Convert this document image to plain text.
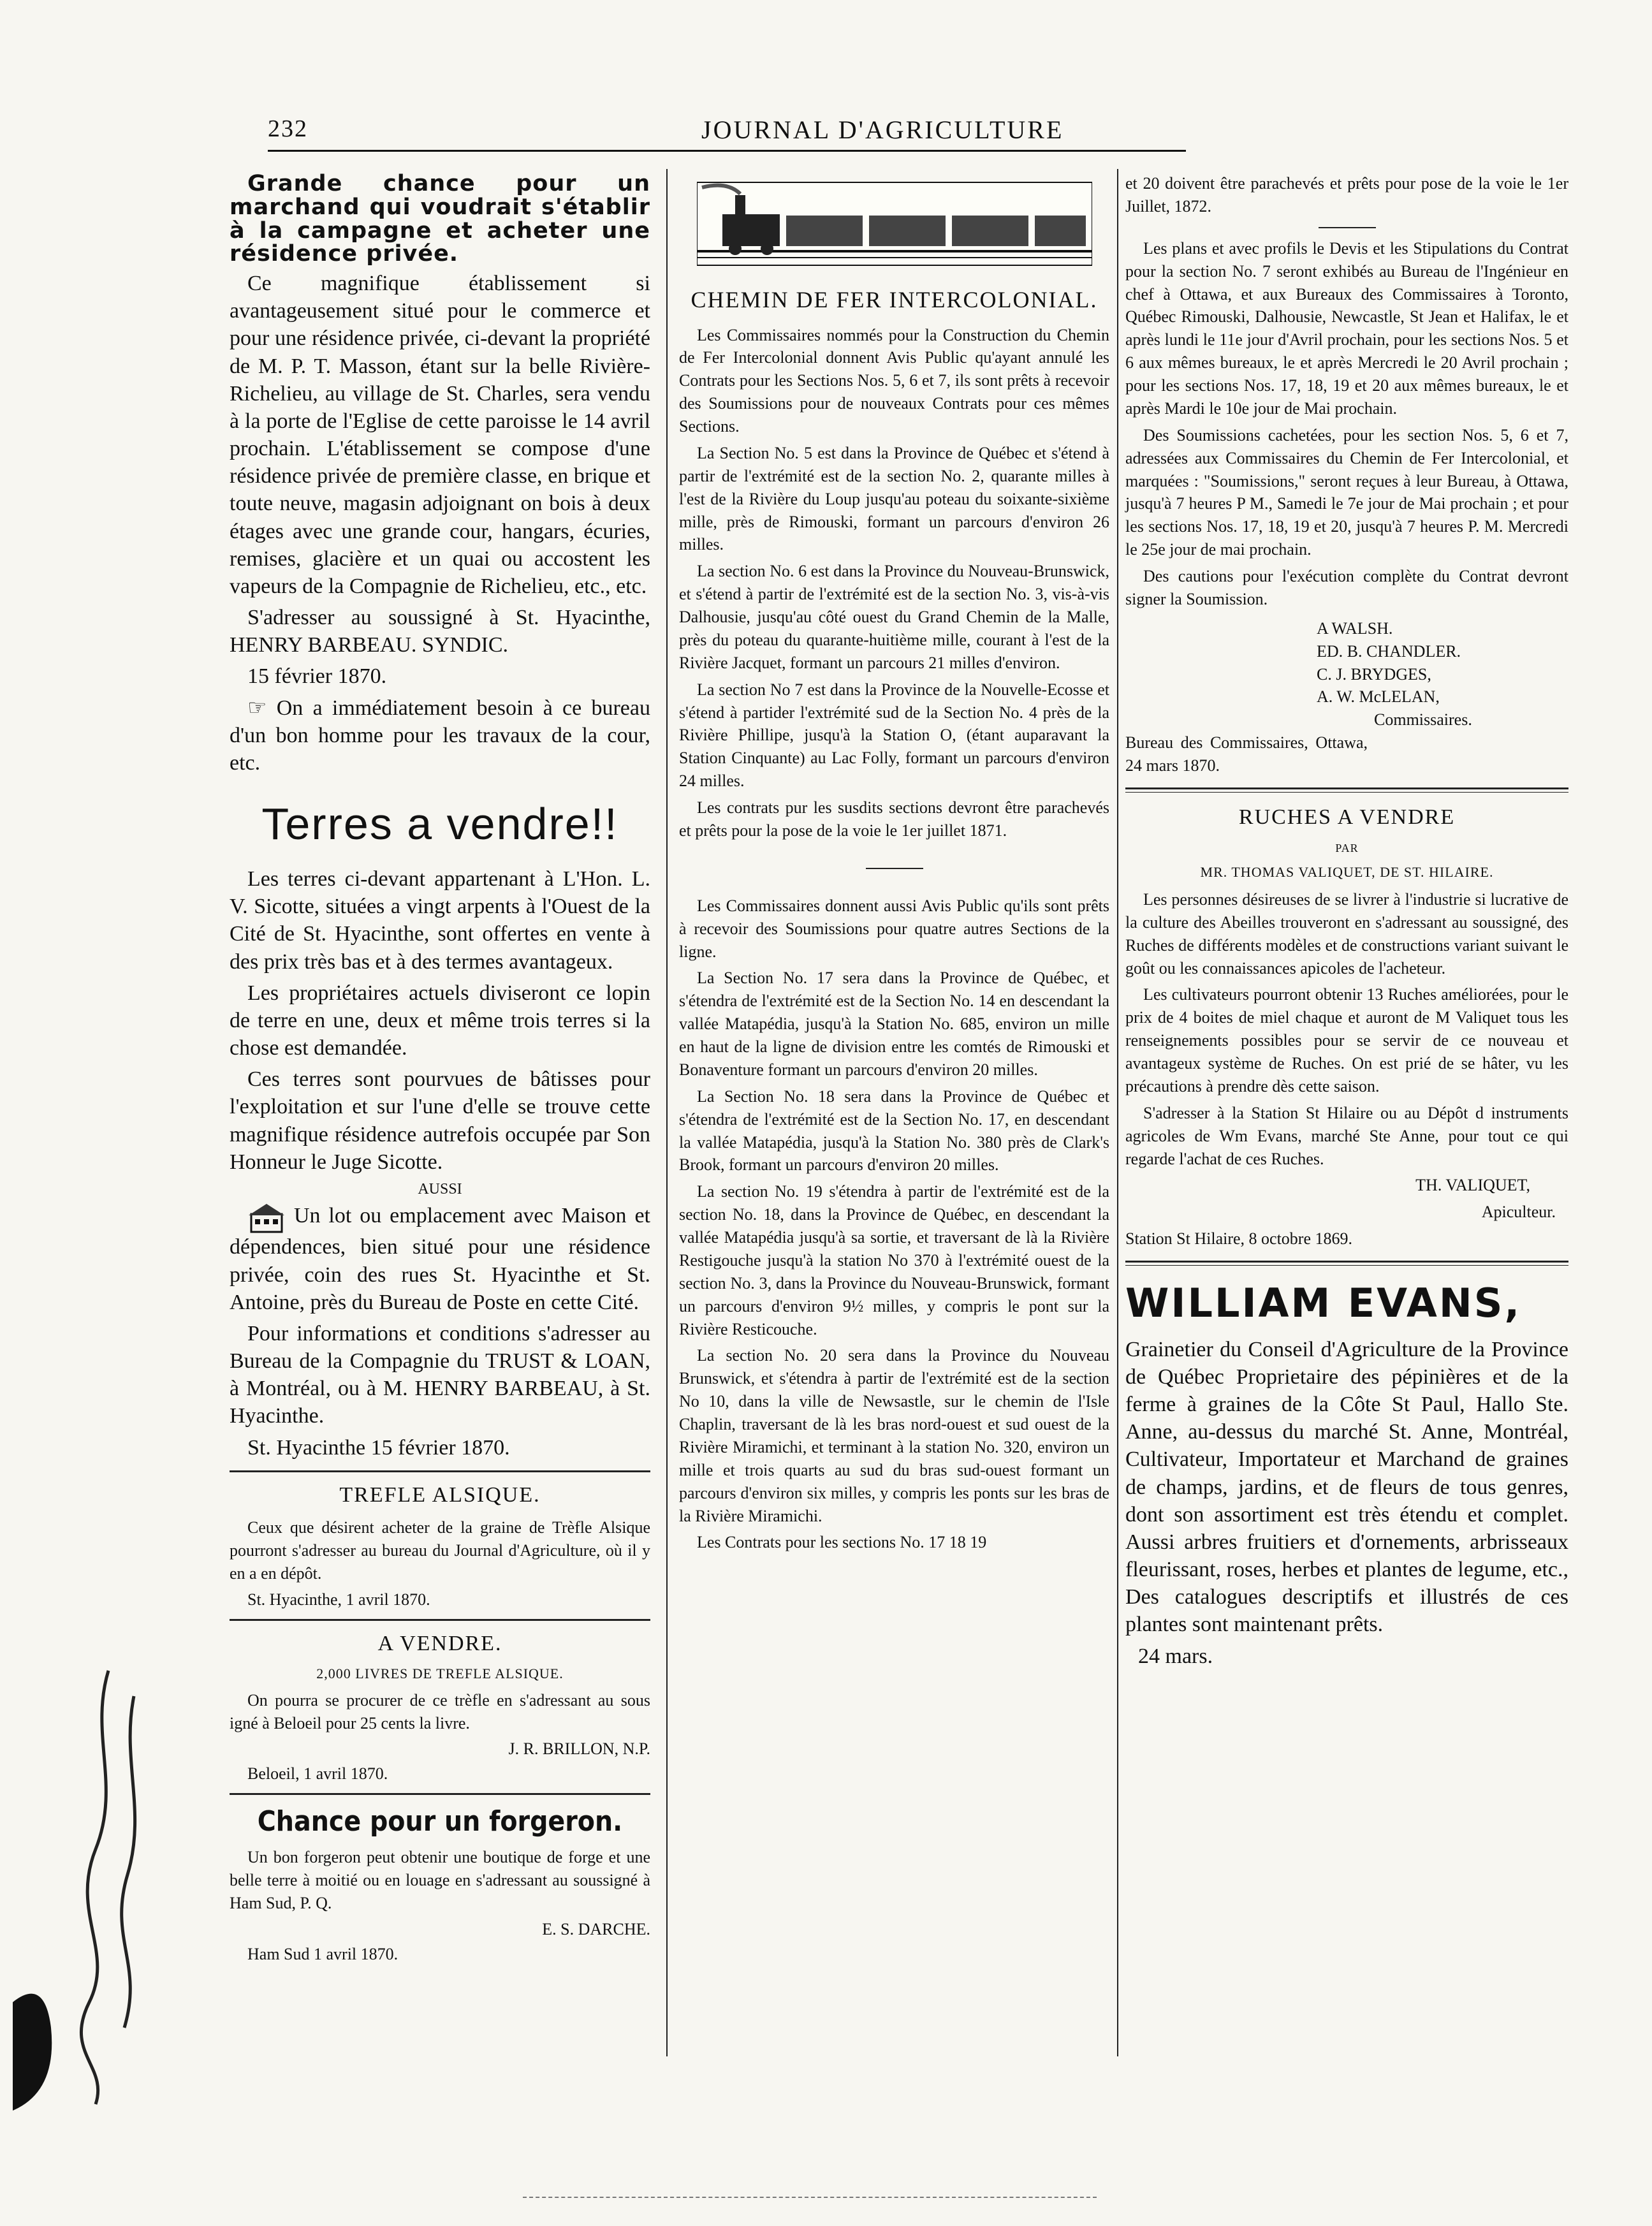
232	JOURNAL D'AGRICULTURE

Grande chance pour un marchand qui voudrait s'établir à la campagne et acheter une résidence privée.

Ce magnifique établissement si avantageusement situé pour le commerce et pour une résidence privée, ci-devant la propriété de M. P. T. Masson, étant sur la belle Rivière-Richelieu, au village de St. Charles, sera vendu à la porte de l'Eglise de cette paroisse le 14 avril prochain. L'établissement se compose d'une résidence privée de première classe, en brique et toute neuve, magasin adjoignant on bois à deux étages avec une grande cour, hangars, écuries, remises, glacière et un quai ou accostent les vapeurs de la Compagnie de Richelieu, etc., etc.

S'adresser au soussigné à St. Hyacinthe, HENRY BARBEAU. SYNDIC.

15 février 1870.

☞ On a immédiatement besoin à ce bureau d'un bon homme pour les travaux de la cour, etc.

Terres a vendre!!

Les terres ci-devant appartenant à L'Hon. L. V. Sicotte, situées a vingt arpents à l'Ouest de la Cité de St. Hyacinthe, sont offertes en vente à des prix très bas et à des termes avantageux.

Les propriétaires actuels diviseront ce lopin de terre en une, deux et même trois terres si la chose est demandée.

Ces terres sont pourvues de bâtisses pour l'exploitation et sur l'une d'elle se trouve cette magnifique résidence autrefois occupée par Son Honneur le Juge Sicotte.

AUSSI

Un lot ou emplacement avec Maison et dépendences, bien situé pour une résidence privée, coin des rues St. Hyacinthe et St. Antoine, près du Bureau de Poste en cette Cité.

Pour informations et conditions s'adresser au Bureau de la Compagnie du TRUST & LOAN, à Montréal, ou à M. HENRY BARBEAU, à St. Hyacinthe.

St. Hyacinthe 15 février 1870.

TREFLE ALSIQUE.

Ceux que désirent acheter de la graine de Trèfle Alsique pourront s'adresser au bureau du Journal d'Agriculture, où il y en a en dépôt.

St. Hyacinthe, 1 avril 1870.

A VENDRE.
2,000 LIVRES DE TREFLE ALSIQUE.

On pourra se procurer de ce trèfle en s'adressant au sous igné à Beloeil pour 25 cents la livre.

J. R. BRILLON, N.P.

Beloeil, 1 avril 1870.

Chance pour un forgeron.

Un bon forgeron peut obtenir une boutique de forge et une belle terre à moitié ou en louage en s'adressant au soussigné à Ham Sud, P. Q.

E. S. DARCHE.

Ham Sud 1 avril 1870.

CHEMIN DE FER INTERCOLONIAL.

Les Commissaires nommés pour la Construction du Chemin de Fer Intercolonial donnent Avis Public qu'ayant annulé les Contrats pour les Sections Nos. 5, 6 et 7, ils sont prêts à recevoir des Soumissions pour de nouveaux Contrats pour ces mêmes Sections.

La Section No. 5 est dans la Province de Québec et s'étend à partir de l'extrémité est de la section No. 2, quarante milles à l'est de la Rivière du Loup jusqu'au poteau du soixante-sixième mille, près de Rimouski, formant un parcours d'environ 26 milles.

La section No. 6 est dans la Province du Nouveau-Brunswick, et s'étend à partir de l'extrémité est de la section No. 3, vis-à-vis Dalhousie, jusqu'au côté ouest du Grand Chemin de la Malle, près du poteau du quarante-huitième mille, courant à l'est de la Rivière Jacquet, formant un parcours 21 milles d'environ.

La section No 7 est dans la Province de la Nouvelle-Ecosse et s'étend à partider l'extrémité sud de la Section No. 4 près de la Rivière Phillipe, jusqu'à la Station O, (étant auparavant la Station Cinquante) au Lac Folly, formant un parcours d'environ 24 milles.

Les contrats pur les susdits sections devront être parachevés et prêts pour la pose de la voie le 1er juillet 1871.

Les Commissaires donnent aussi Avis Public qu'ils sont prêts à recevoir des Soumissions pour quatre autres Sections de la ligne.

La Section No. 17 sera dans la Province de Québec, et s'étendra de l'extrémité est de la Section No. 14 en descendant la vallée Matapédia, jusqu'à la Station No. 685, environ un mille en haut de la ligne de division entre les comtés de Rimouski et Bonaventure formant un parcours d'environ 20 milles.

La Section No. 18 sera dans la Province de Québec et s'étendra de l'extrémité est de la Section No. 17, en descendant la vallée Matapédia, jusqu'à la Station No. 380 près de Clark's Brook, formant un parcours d'environ 20 milles.

La section No. 19 s'étendra à partir de l'extrémité est de la section No. 18, dans la Province de Québec, en descendant la vallée Matapédia jusqu'à sa sortie, et traversant de là la Rivière Restigouche jusqu'à la station No 370 à l'extrémité ouest de la section No. 3, dans la Province du Nouveau-Brunswick, formant un parcours d'environ 9½ milles, y compris le pont sur la Rivière Resticouche.

La section No. 20 sera dans la Province du Nouveau Brunswick, et s'étendra à partir de l'extrémité est de la section No 10, dans la ville de Newsastle, sur le chemin de l'Isle Chaplin, traversant de là les bras nord-ouest et sud ouest de la Rivière Miramichi, et terminant à la station No. 320, environ un mille et trois quarts au sud du bras sud-ouest formant un parcours d'environ six milles, y compris les ponts sur les bras de la Rivière Miramichi.

Les Contrats pour les sections No. 17 18 19

et 20 doivent être parachevés et prêts pour pose de la voie le 1er Juillet, 1872.

Les plans et avec profils le Devis et les Stipulations du Contrat pour la section No. 7 seront exhibés au Bureau de l'Ingénieur en chef à Ottawa, et aux Bureaux des Commissaires à Toronto, Québec Rimouski, Dalhousie, Newcastle, St Jean et Halifax, le et après lundi le 11e jour d'Avril prochain, pour les sections Nos. 5 et 6 aux mêmes bureaux, le et après Mercredi le 20 Avril prochain ; pour les sections Nos. 17, 18, 19 et 20 aux mêmes bureaux, le et après Mardi le 10e jour de Mai prochain.

Des Soumissions cachetées, pour les section Nos. 5, 6 et 7, adressées aux Commissaires du Chemin de Fer Intercolonial, et marquées : "Soumissions," seront reçues à leur Bureau, à Ottawa, jusqu'à 7 heures P M., Samedi le 7e jour de Mai prochain ; et pour les sections Nos. 17, 18, 19 et 20, jusqu'à 7 heures P. M. Mercredi le 25e jour de mai prochain.

Des cautions pour l'exécution complète du Contrat devront signer la Soumission.

A WALSH.

ED. B. CHANDLER.

C. J. BRYDGES,

A. W. McLELAN,

Commissaires.

Bureau des Commissaires, Ottawa, 24 mars 1870.

RUCHES A VENDRE
PAR
MR. THOMAS VALIQUET, DE ST. HILAIRE.

Les personnes désireuses de se livrer à l'industrie si lucrative de la culture des Abeilles trouveront en s'adressant au soussigné, des Ruches de différents modèles et de constructions variant suivant le goût ou les connaissances apicoles de l'acheteur.

Les cultivateurs pourront obtenir 13 Ruches améliorées, pour le prix de 4 boites de miel chaque et auront de M Valiquet tous les renseignements possibles pour se servir de ce nouveau et avantageux système de Ruches. On est prié de se hâter, vu les précautions à prendre dès cette saison.

S'adresser à la Station St Hilaire ou au Dépôt d instruments agricoles de Wm Evans, marché Ste Anne, pour tout ce qui regarde l'achat de ces Ruches.

TH. VALIQUET,

Apiculteur.

Station St Hilaire, 8 octobre 1869.

WILLIAM EVANS,

Grainetier du Conseil d'Agriculture de la Province de Québec Proprietaire des pépinières et de la ferme à graines de la Côte St Paul, Hallo Ste. Anne, au-dessus du marché St. Anne, Montréal, Cultivateur, Importateur et Marchand de graines de champs, jardins, et de fleurs de tous genres, dont son assortiment est très étendu et complet. Aussi arbres fruitiers et d'ornements, arbrisseaux fleurissant, roses, herbes et plantes de legume, etc., Des catalogues descriptifs et illustrés de ces plantes sont maintenant prêts.

24 mars.
